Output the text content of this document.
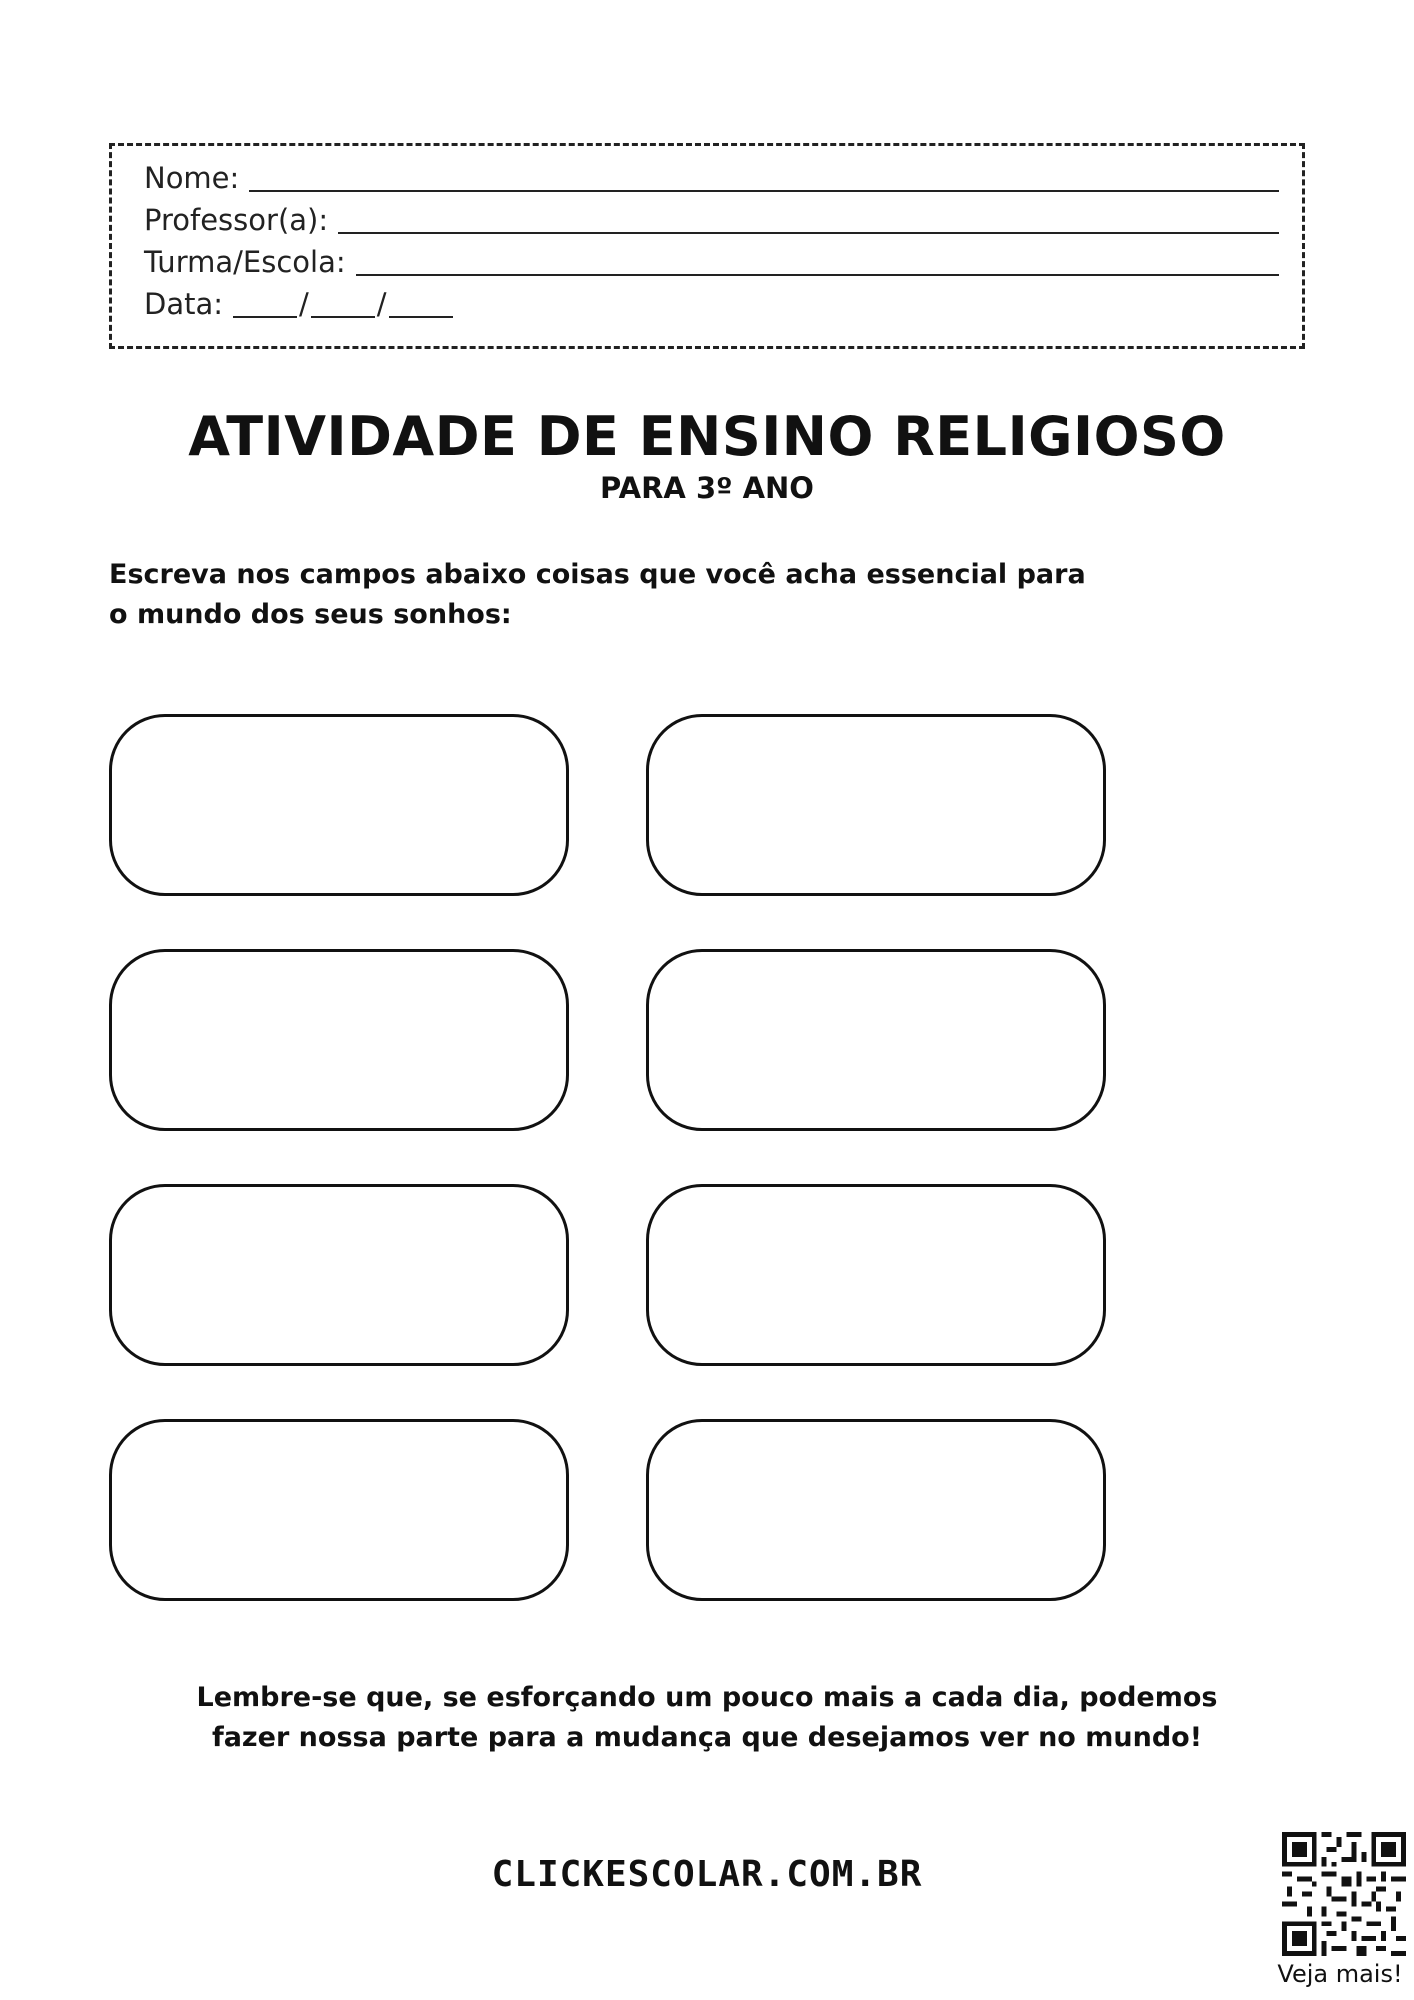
Nome:
Professor(a):
Turma/Escola:
Data:	/ /
ATIVIDADE DE ENSINO RELIGIOSO
PARA 3º ANO
Escreva nos campos abaixo coisas que você acha essencial para o mundo dos seus sonhos:
Lembre-se que, se esforçando um pouco mais a cada dia, podemos
fazer nossa parte para a mudança que desejamos ver no mundo!
CLICKESCOLAR.COM.BR
Veja mais!
